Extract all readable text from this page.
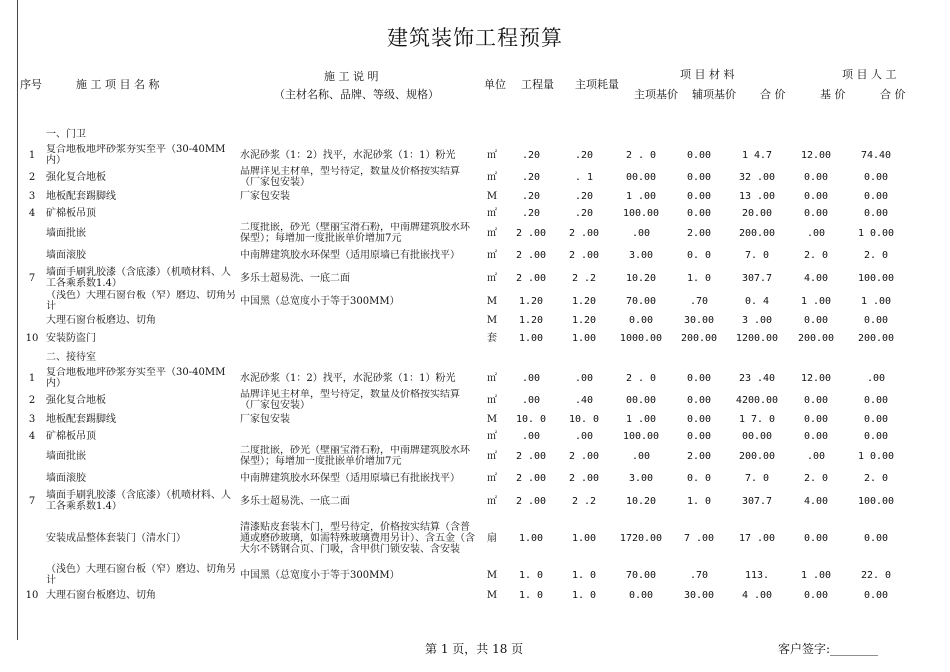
建筑装饰工程预算
序号	施 工 项 目 名 称
施 工 说 明
（主材名称、品牌、等级、规格）
单位 工程量 主项耗量
项 目 材 料	项 目 人 工
主项基价 辅项基价 合 价	基 价	合 价
	一、门卫									
1	复合地板地坪砂浆夯实至平（30-40MM内）	水泥砂浆（1：2）找平，水泥砂浆（1：1）粉光	㎡	.20	.20	2 . 0	0.00	1 4.7	12.00	74.40
2	强化复合地板	品牌详见主材单，型号待定，数量及价格按实结算（厂家包安装）	㎡	.20	. 1	00.00	0.00	32 .00	0.00	0.00
3	地板配套踢脚线	厂家包安装	M	.20	.20	1 .00	0.00	13 .00	0.00	0.00
4	矿棉板吊顶		㎡	.20	.20	100.00	0.00	20.00	0.00	0.00
	墙面批嵌	二度批嵌，砂光（壁丽宝滑石粉，中南牌建筑胶水环保型）；每增加一度批嵌单价增加7元	㎡	2 .00	2 .00	.00	2.00	200.00	.00	1 0.00
	墙面滚胶	中南牌建筑胶水环保型（适用原墙已有批嵌找平）	㎡	2 .00	2 .00	3.00	0. 0	7. 0	2. 0	2. 0
7	墙面手刷乳胶漆（含底漆）（机喷材料、人工各乘系数1.4）	多乐士超易洗、一底二面	㎡	2 .00	2 .2	10.20	1. 0	307.7	4.00	100.00
	（浅色）大理石窗台板（窄）磨边、切角另计	中国黑（总宽度小于等于300MM）	M	1.20	1.20	70.00	.70	0. 4	1 .00	1 .00
	大理石窗台板磨边、切角		M	1.20	1.20	0.00	30.00	3 .00	0.00	0.00
10	安装防盗门		套	1.00	1.00	1000.00	200.00	1200.00	200.00	200.00
	二、接待室									
1	复合地板地坪砂浆夯实至平（30-40MM内）	水泥砂浆（1：2）找平，水泥砂浆（1：1）粉光	㎡	.00	.00	2 . 0	0.00	23 .40	12.00	.00
2	强化复合地板	品牌详见主材单，型号待定，数量及价格按实结算（厂家包安装）	㎡	.00	.40	00.00	0.00	4200.00	0.00	0.00
3	地板配套踢脚线	厂家包安装	M	10. 0	10. 0	1 .00	0.00	1 7. 0	0.00	0.00
4	矿棉板吊顶		㎡	.00	.00	100.00	0.00	00.00	0.00	0.00
	墙面批嵌	二度批嵌，砂光（壁丽宝滑石粉，中南牌建筑胶水环保型）；每增加一度批嵌单价增加7元	㎡	2 .00	2 .00	.00	2.00	200.00	.00	1 0.00
	墙面滚胶	中南牌建筑胶水环保型（适用原墙已有批嵌找平）	㎡	2 .00	2 .00	3.00	0. 0	7. 0	2. 0	2. 0
7	墙面手刷乳胶漆（含底漆）（机喷材料、人工各乘系数1.4）	多乐士超易洗、一底二面	㎡	2 .00	2 .2	10.20	1. 0	307.7	4.00	100.00
	安装成品整体套装门（清水门）	清漆贴皮套装木门，型号待定，价格按实结算（含普通或磨砂玻璃，如需特殊玻璃费用另计）、含五金（含大尔不锈钢合页、门吸，含甲供门锁安装、含安装	扇	1.00	1.00	1720.00	7 .00	17 .00	0.00	0.00
	（浅色）大理石窗台板（窄）磨边、切角另计	中国黑（总宽度小于等于300MM）	M	1. 0	1. 0	70.00	.70	113.	1 .00	22. 0
10	大理石窗台板磨边、切角		M	1. 0	1. 0	0.00	30.00	4 .00	0.00	0.00
第 1 页，共 18 页	客户签字:________
